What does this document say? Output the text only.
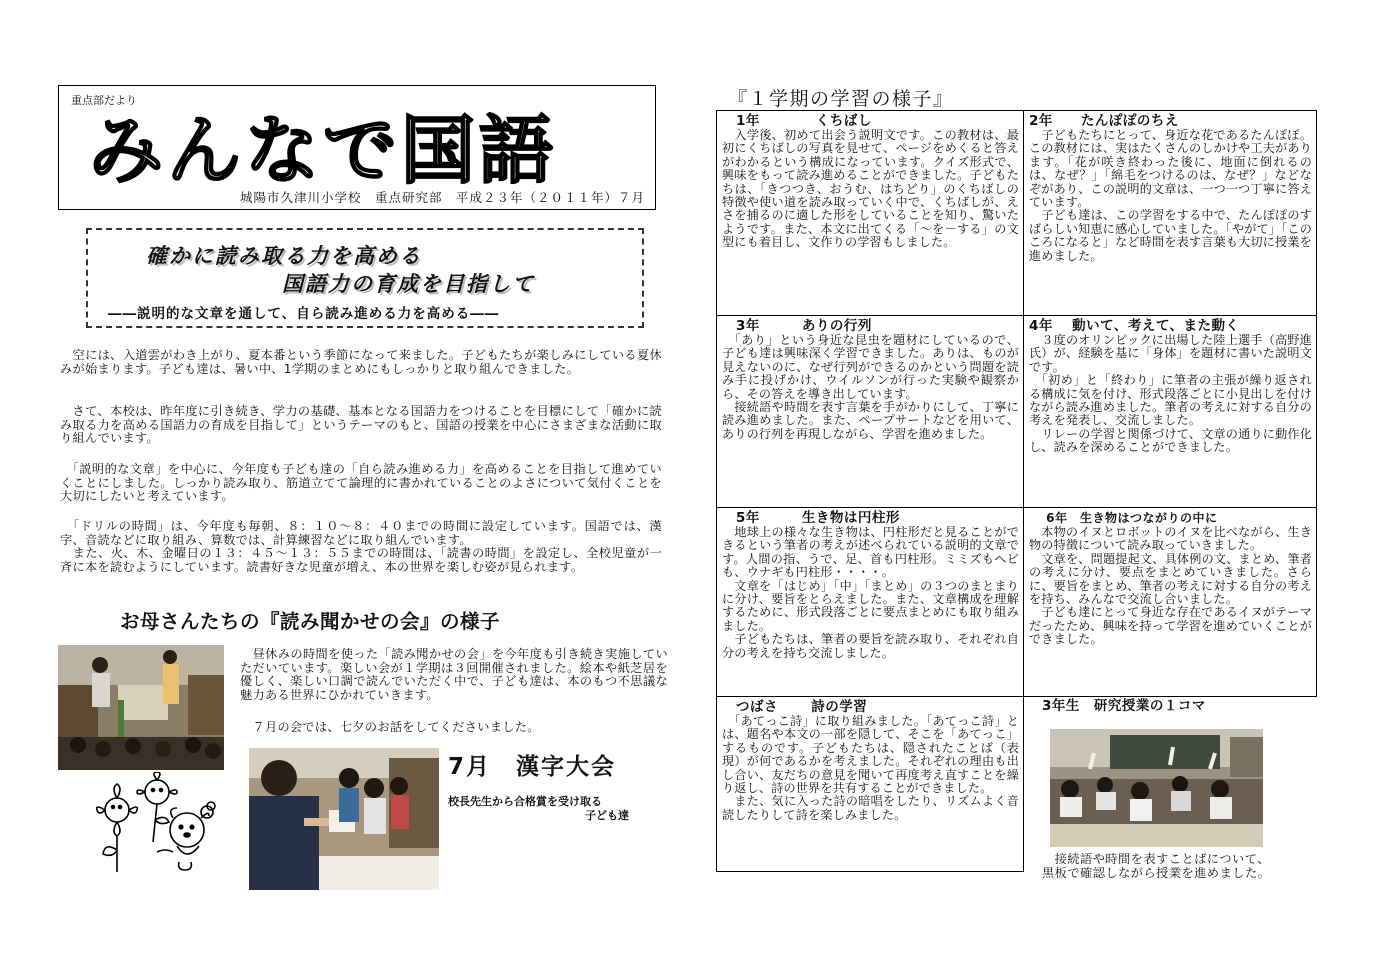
重点部だより
みんなで国語
城陽市久津川小学校　重点研究部　平成２３年（２０１１年）７月
確かに読み取る力を高める
国語力の育成を目指して
――説明的な文章を通して、自ら読み進める力を高める――
　空には、入道雲がわき上がり、夏本番という季節になって来ました。子どもたちが楽しみにしている夏休みが始まります。子ども達は、暑い中、1学期のまとめにもしっかりと取り組んできました。
　さて、本校は、昨年度に引き続き、学力の基礎、基本となる国語力をつけることを目標にして「確かに読み取る力を高める国語力の育成を目指して」というテーマのもと、国語の授業を中心にさまざまな活動に取り組んでいます。
　「説明的な文章」を中心に、今年度も子ども達の「自ら読み進める力」を高めることを目指して進めていくことにしました。しっかり読み取り、筋道立てて論理的に書かれていることのよさについて気付くことを大切にしたいと考えています。
　「ドリルの時間」は、今年度も毎朝、８：１０～８：４０までの時間に設定しています。国語では、漢字、音読などに取り組み、算数では、計算練習などに取り組んでいます。
　また、火、木、金曜日の１３：４５～１３：５５までの時間は、「読書の時間」を設定し、全校児童が一斉に本を読むようにしています。読書好きな児童が増え、本の世界を楽しむ姿が見られます。
お母さんたちの『読み聞かせの会』の様子
　昼休みの時間を使った「読み聞かせの会」を今年度も引き続き実施していただいています。楽しい会が１学期は３回開催されました。絵本や紙芝居を優しく、楽しい口調で読んでいただく中で、子ども達は、本のもつ不思議な魅力ある世界にひかれていきます。
　７月の会では、七夕のお話をしてくださいました。
7月　漢字大会
校長先生から合格賞を受け取る
子ども達
『１学期の学習の様子』
　1年　　　　くちばし
　入学後、初めて出会う説明文です。この教材は、最初にくちばしの写真を見せて、ページをめくると答えがわかるという構成になっています。クイズ形式で、興味をもって読み進めることができました。子どもたちは、「きつつき、おうむ、はちどり」のくちばしの特徴や使い道を読み取っていく中で、くちばしが、えさを捕るのに適した形をしていることを知り、驚いたようです。また、本文に出てくる「～を－する」の文型にも着目し、文作りの学習もしました。
2年　　たんぽぽのちえ
　子どもたちにとって、身近な花であるたんぽぽ。この教材には、実はたくさんのしかけや工夫があります。「花が咲き終わった後に、地面に倒れるのは、なぜ？」「綿毛をつけるのは、なぜ？」などなぞがあり、この説明的文章は、一つ一つ丁寧に答えています。
　子ども達は、この学習をする中で、たんぽぽのすばらしい知恵に感心していました。「やがて」「このころになると」など時間を表す言葉も大切に授業を進めました。
　3年　　　ありの行列
　「あり」という身近な昆虫を題材にしているので、子ども達は興味深く学習できました。ありは、ものが見えないのに、なぜ行列ができるのかという問題を読み手に投げかけ、ウイルソンが行った実験や観察から、その答えを導き出しています。
　接続語や時間を表す言葉を手がかりにして、丁寧に読み進めました。また、ペープサートなどを用いて、ありの行列を再現しながら、学習を進めました。
4年　 動いて、考えて、また動く
　３度のオリンピックに出場した陸上選手（高野進氏）が、経験を基に「身体」を題材に書いた説明文です。
　「初め」と「終わり」に筆者の主張が繰り返される構成に気を付け、形式段落ごとに小見出しを付けながら読み進めました。筆者の考えに対する自分の考えを発表し、交流しました。
　リレーの学習と関係づけて、文章の通りに動作化し、読みを深めることができました。
　5年　　　生き物は円柱形
　地球上の様々な生き物は、円柱形だと見ることができるという筆者の考えが述べられている説明的文章です。人間の指、うで、足、首も円柱形。ミミズもヘビも、ウナギも円柱形・・・・。
　文章を「はじめ」「中」「まとめ」の３つのまとまりに分け、要旨をとらえました。また、文章構成を理解するために、形式段落ごとに要点まとめにも取り組みました。
　子どもたちは、筆者の要旨を読み取り、それぞれ自分の考えを持ち交流しました。
　 6年　生き物はつながりの中に
　本物のイヌとロボットのイヌを比べながら、生き物の特徴について読み取っていきました。
　文章を、問題提起文、具体例の文、まとめ、筆者の考えに分け、要点をまとめていきました。さらに、要旨をまとめ、筆者の考えに対する自分の考えを持ち、みんなで交流し合いました。
　子ども達にとって身近な存在であるイヌがテーマだったため、興味を持って学習を進めていくことができました。
　つばさ　　 詩の学習
　「あてっこ詩」に取り組みました。「あてっこ詩」とは、題名や本文の一部を隠して、そこを「あてっこ」するものです。子どもたちは、隠されたことば（表現）が何であるかを考えました。それぞれの理由も出し合い、友だちの意見を聞いて再度考え直すことを繰り返し、詩の世界を共有することができました。
　また、気に入った詩の暗唱をしたり、リズムよく音読したりして詩を楽しみました。
　3年生　研究授業の１コマ
　接続語や時間を表すことばについて、
黒板で確認しながら授業を進めました。
